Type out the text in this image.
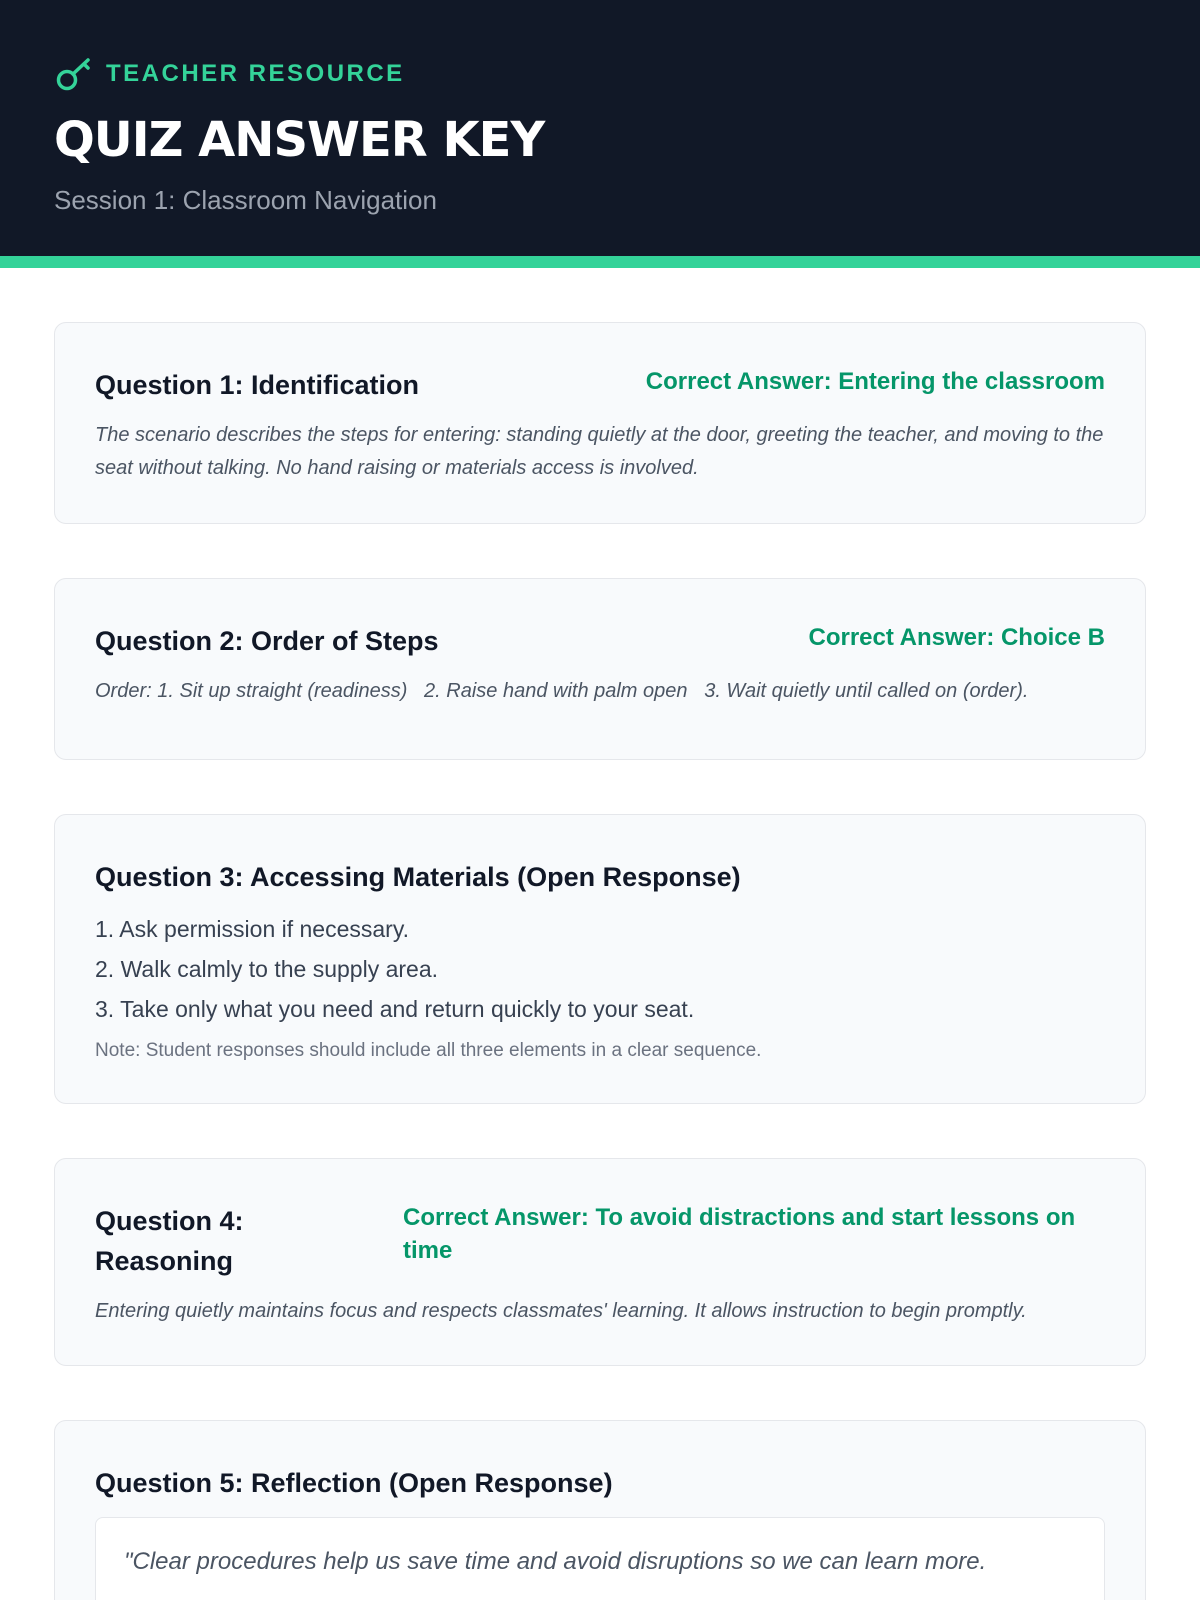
TEACHER RESOURCE
QUIZ ANSWER KEY
Session 1: Classroom Navigation
Question 1: Identification	Correct Answer: Entering the classroom
The scenario describes the steps for entering: standing quietly at the door, greeting the teacher, and moving to the seat without talking. No hand raising or materials access is involved.
Question 2: Order of Steps	Correct Answer: Choice B
Order: 1. Sit up straight (readiness)   2. Raise hand with palm open   3. Wait quietly until called on (order).
Question 3: Accessing Materials (Open Response)
1. Ask permission if necessary.
2. Walk calmly to the supply area.
3. Take only what you need and return quickly to your seat.
Note: Student responses should include all three elements in a clear sequence.
Question 4: Reasoning
Correct Answer: To avoid distractions and start lessons on time
Entering quietly maintains focus and respects classmates' learning. It allows instruction to begin promptly.
Question 5: Reflection (Open Response)
"Clear procedures help us save time and avoid disruptions so we can learn more.
